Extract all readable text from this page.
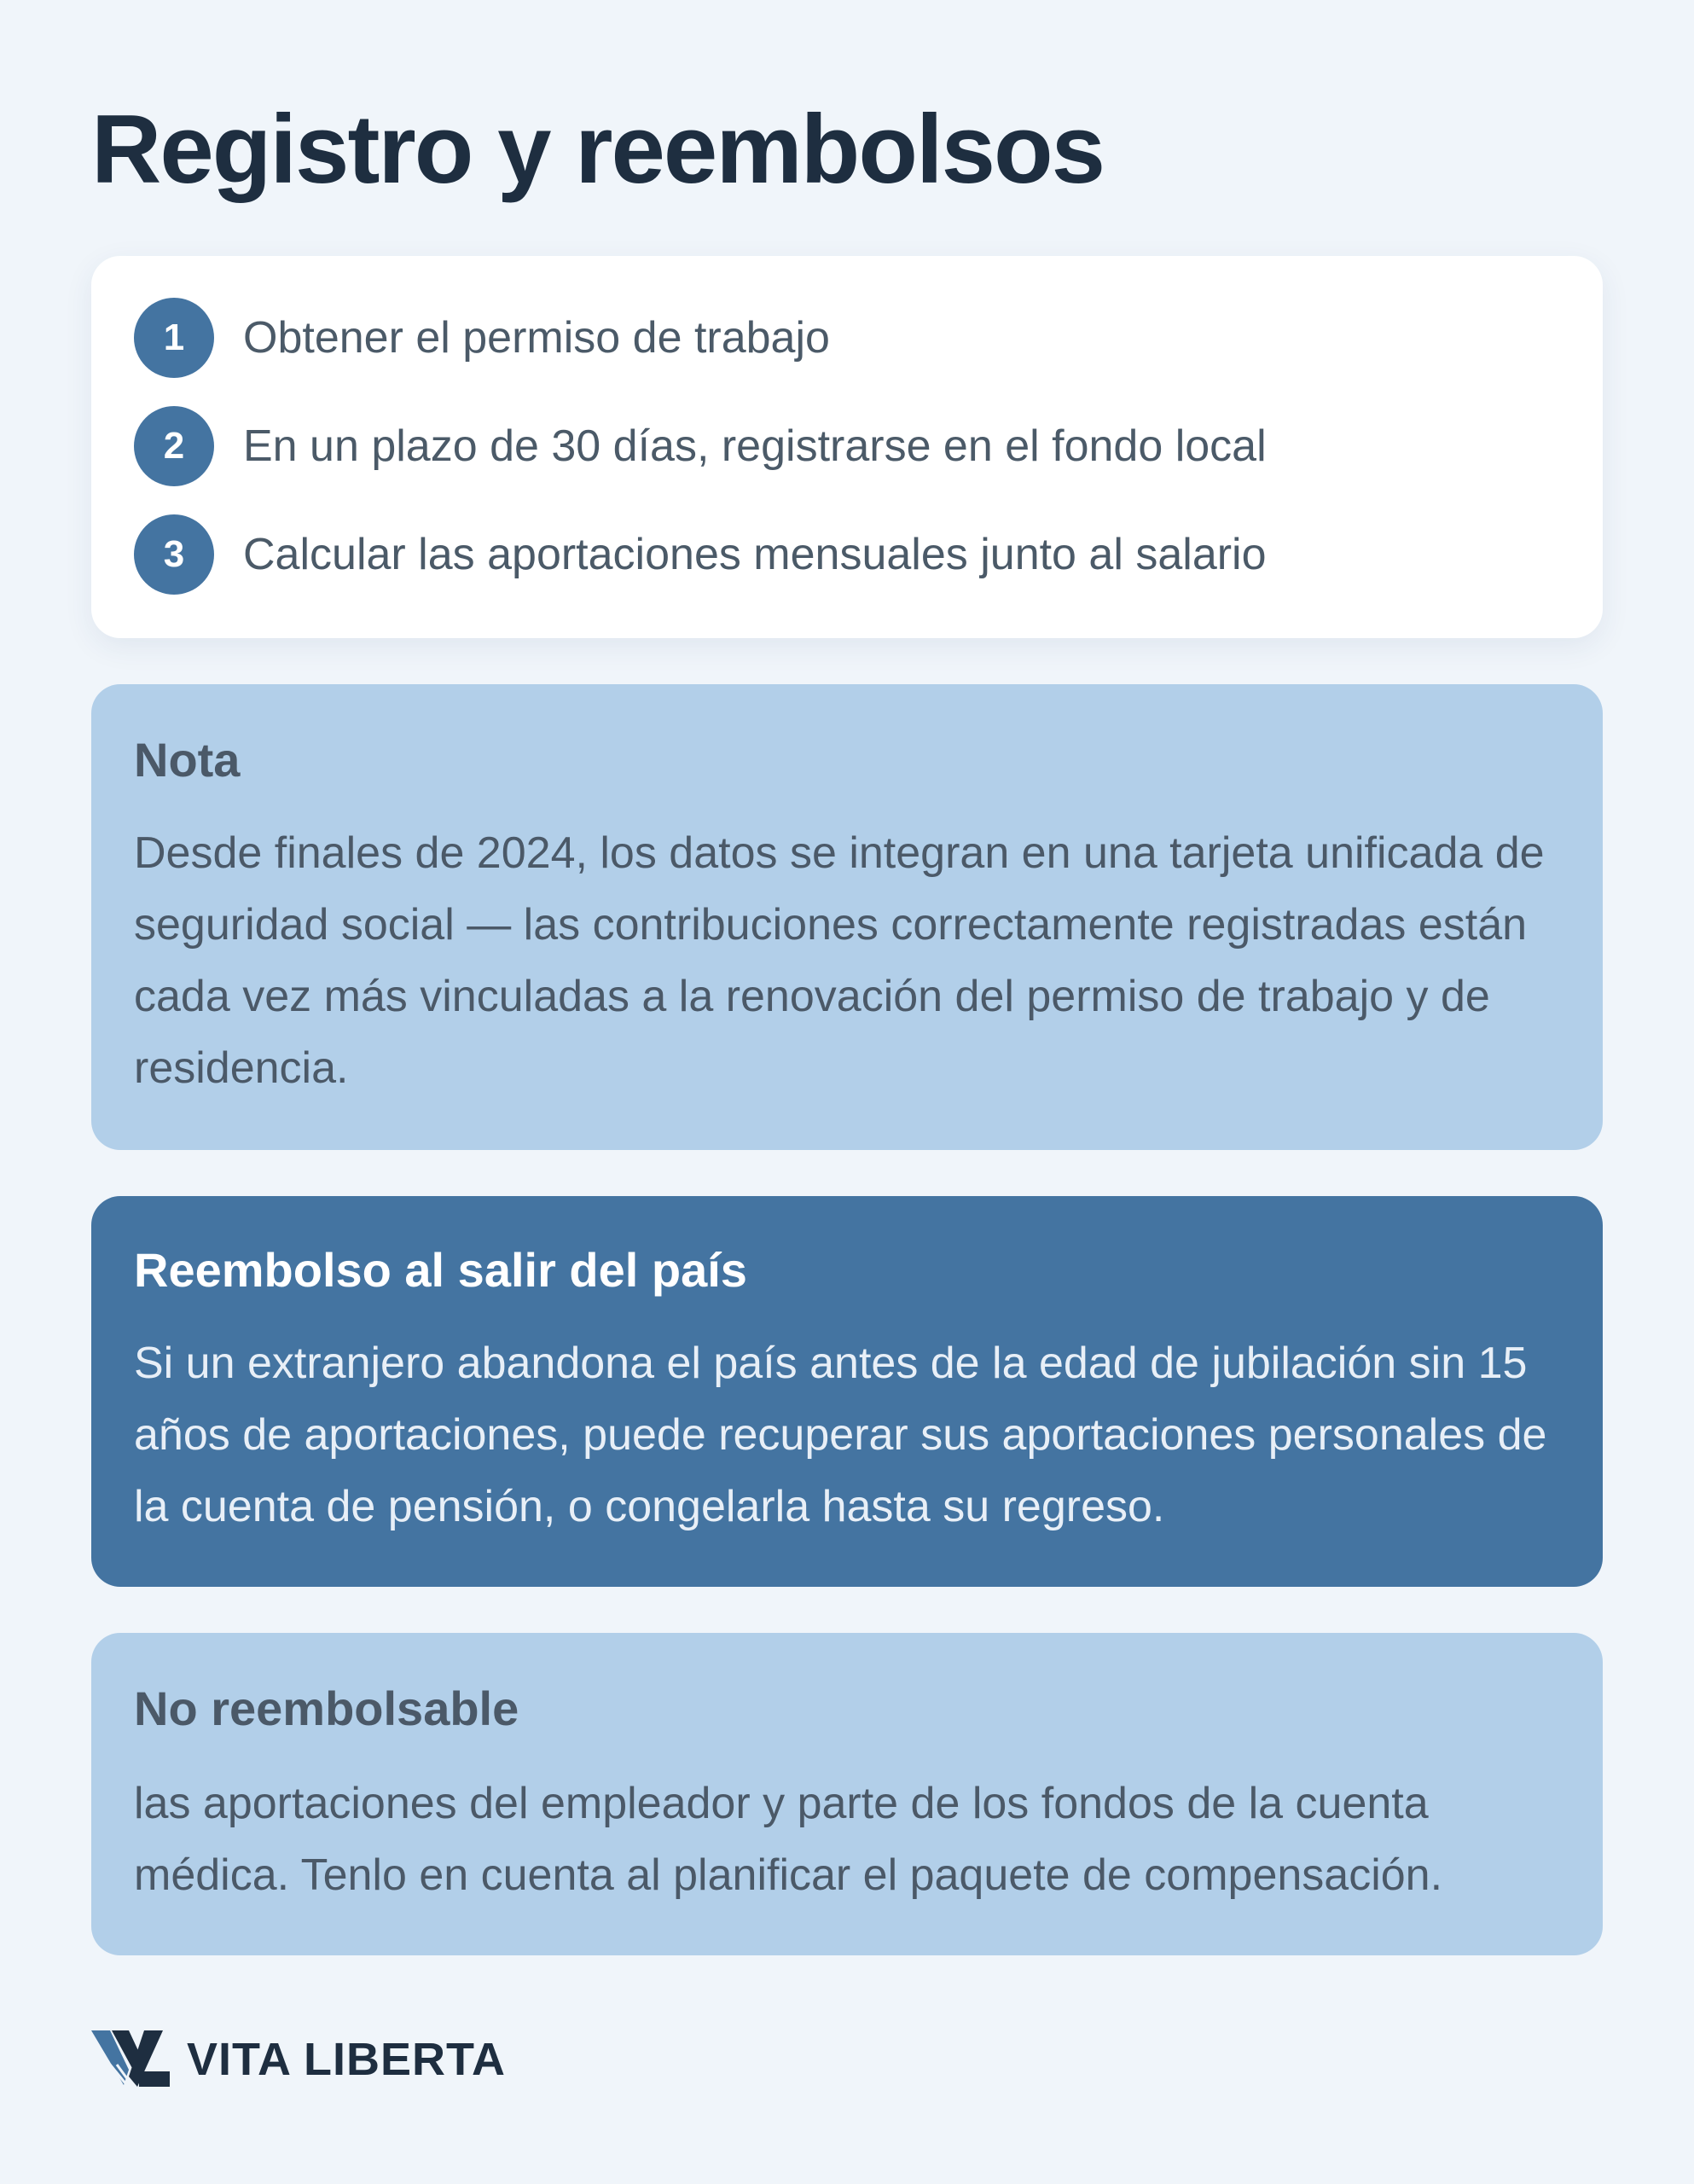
Registro y reembolsos
1	Obtener el permiso de trabajo
2	En un plazo de 30 días, registrarse en el fondo local
3	Calcular las aportaciones mensuales junto al salario
Nota

Desde finales de 2024, los datos se integran en una tarjeta unificada de seguridad social — las contribuciones correctamente registradas están cada vez más vinculadas a la renovación del permiso de trabajo y de residencia.

Reembolso al salir del país

Si un extranjero abandona el país antes de la edad de jubilación sin 15 años de aportaciones, puede recuperar sus aportaciones personales de la cuenta de pensión, o congelarla hasta su regreso.

No reembolsable

las aportaciones del empleador y parte de los fondos de la cuenta médica. Tenlo en cuenta al planificar el paquete de compensación.

VITA LIBERTA
